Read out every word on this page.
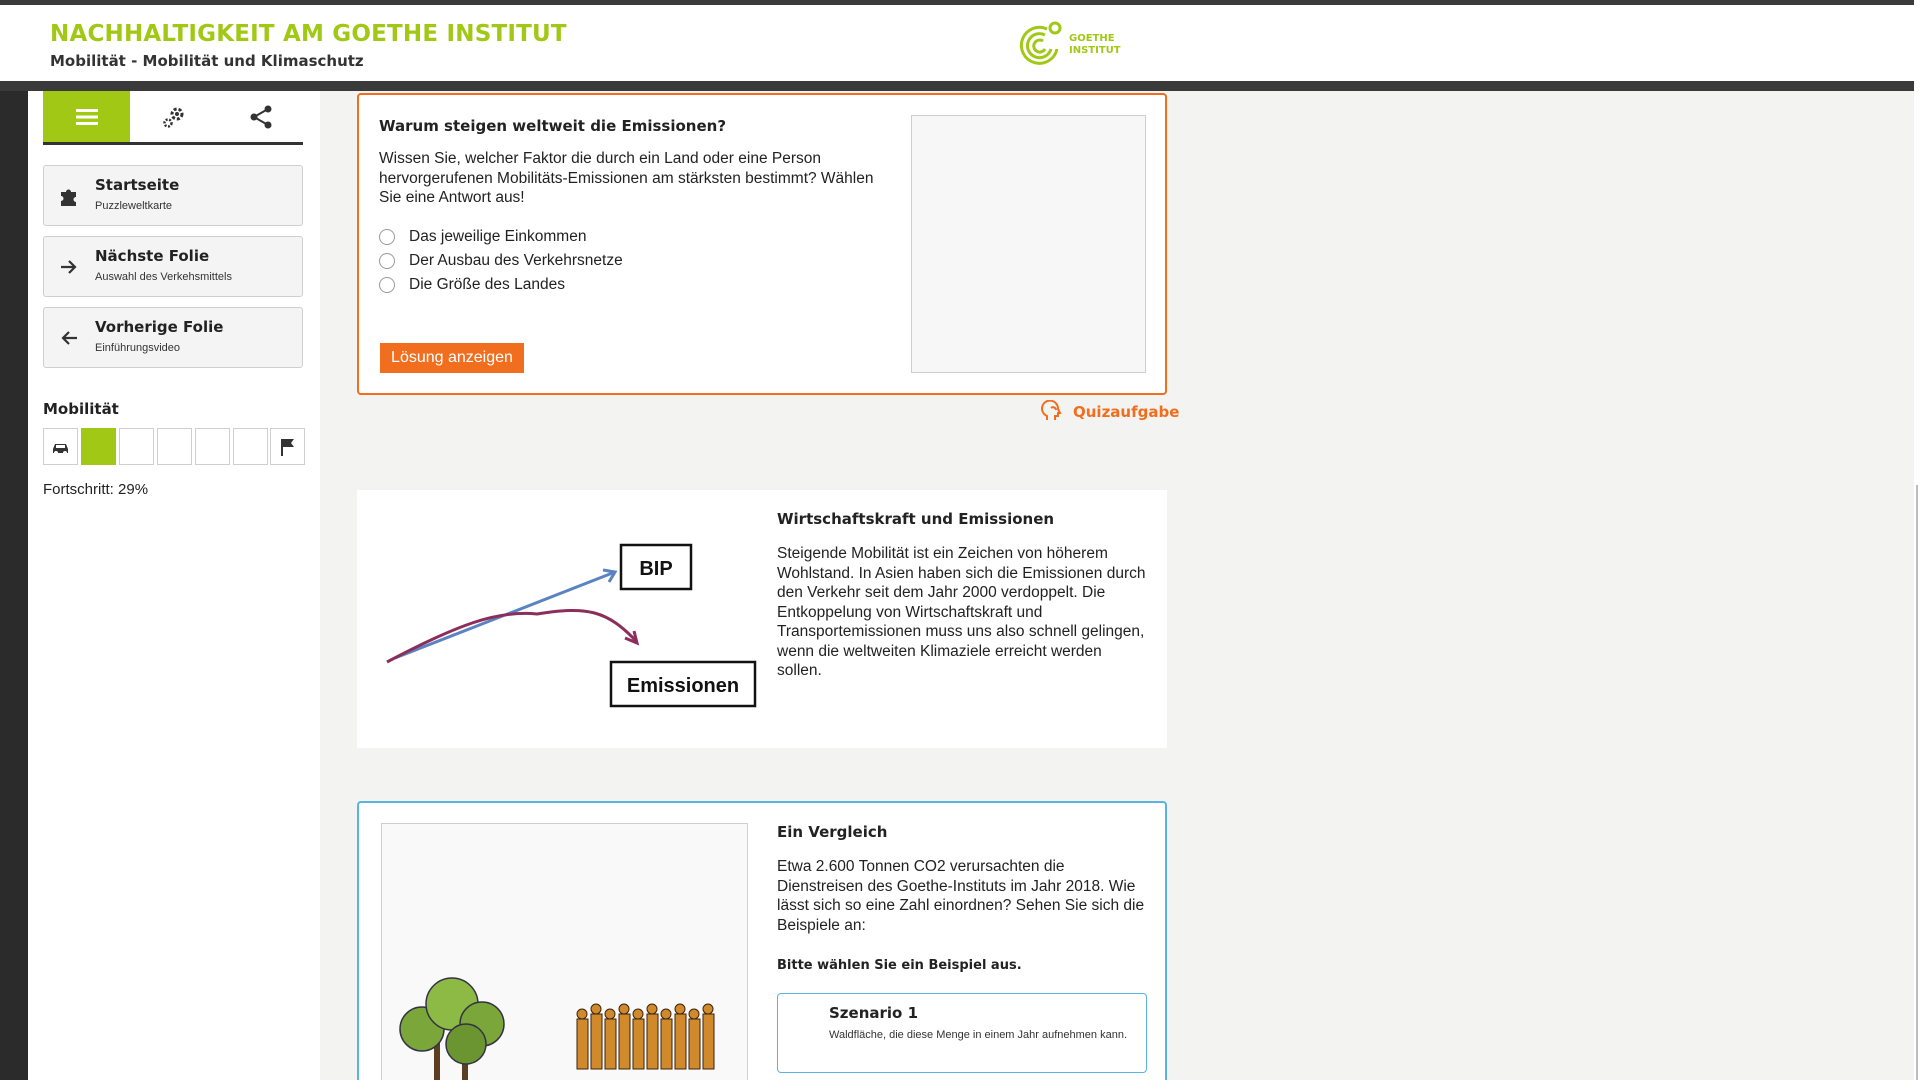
NACHHALTIGKEIT AM GOETHE INSTITUT
Mobilität - Mobilität und Klimaschutz
GOETHE
INSTITUT
Startseite
Puzzleweltkarte
Nächste Folie
Auswahl des Verkehsmittels
Vorherige Folie
Einführungsvideo
Mobilität
Fortschritt: 29%
Warum steigen weltweit die Emissionen?
Wissen Sie, welcher Faktor die durch ein Land oder eine Person hervorgerufenen Mobilitäts-Emissionen am stärksten bestimmt? Wählen Sie eine Antwort aus!
Das jeweilige Einkommen
Der Ausbau des Verkehrsnetze
Die Größe des Landes
Lösung anzeigen
Quizaufgabe
BIP
Emissionen
Wirtschaftskraft und Emissionen
Steigende Mobilität ist ein Zeichen von höherem Wohlstand. In Asien haben sich die Emissionen durch den Verkehr seit dem Jahr 2000 verdoppelt. Die Entkoppelung von Wirtschaftskraft und Transportemissionen muss uns also schnell gelingen, wenn die weltweiten Klimaziele erreicht werden sollen.
Ein Vergleich
Etwa 2.600 Tonnen CO2 verursachten die Dienstreisen des Goethe-Instituts im Jahr 2018. Wie lässt sich so eine Zahl einordnen? Sehen Sie sich die Beispiele an:
Bitte wählen Sie ein Beispiel aus.
Szenario 1
Waldfläche, die diese Menge in einem Jahr aufnehmen kann.
